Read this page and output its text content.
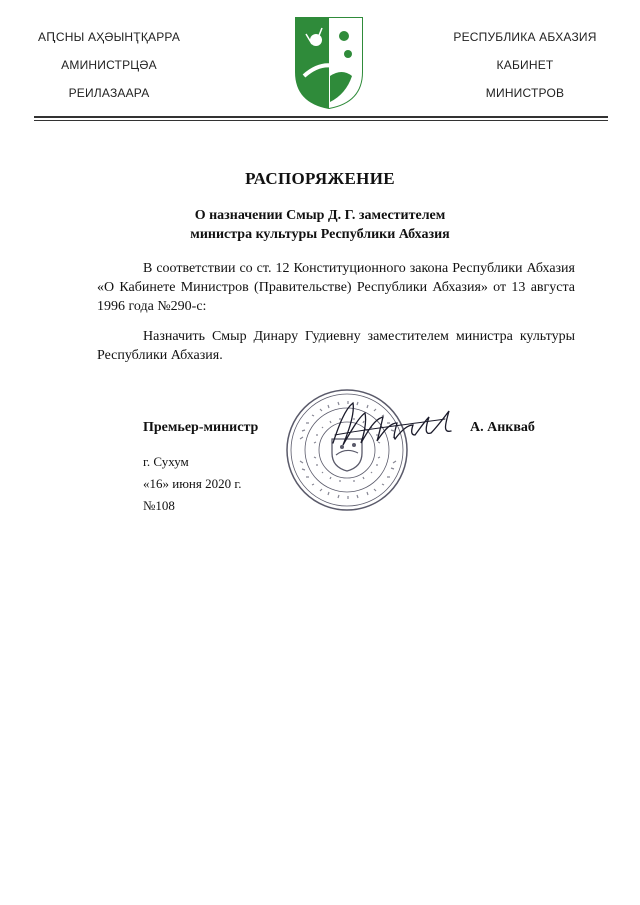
АԤСНЫ АҲӘЫНҬҚАРРА
АМИНИСТРЦӘА
РЕИЛАЗААРА
РЕСПУБЛИКА АБХАЗИЯ
КАБИНЕТ
МИНИСТРОВ
РАСПОРЯЖЕНИЕ
О назначении Смыр Д. Г. заместителем
министра культуры Республики Абхазия
В соответствии со ст. 12 Конституционного закона Республики Абхазия «О Кабинете Министров (Правительстве) Республики Абхазия» от 13 августа 1996 года №290-с:
Назначить Смыр Динару Гудиевну заместителем министра культуры Республики Абхазия.
Премьер-министр	А. Анкваб
г. Сухум
«16» июня 2020 г.
№108
